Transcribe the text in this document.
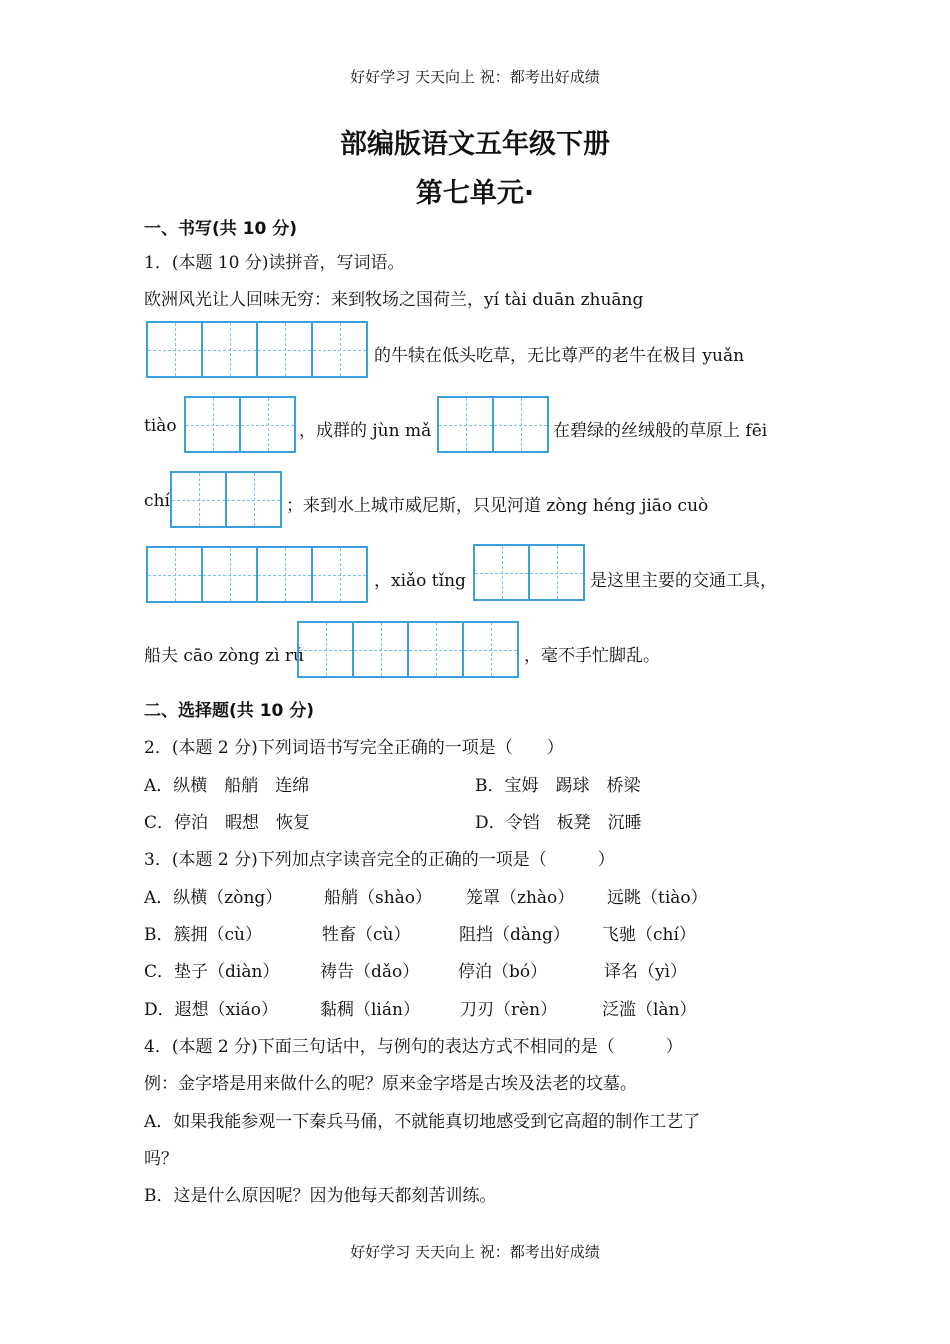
好好学习 天天向上 祝：都考出好成绩
部编版语文五年级下册
第七单元·
一、书写(共 10 分)
1．(本题 10 分)读拼音，写词语。
欧洲风光让人回味无穷：来到牧场之国荷兰，yí tài duān zhuāng
的牛犊在低头吃草，无比尊严的老牛在极目 yuǎn
tiào	，成群的 jùn mǎ	在碧绿的丝绒般的草原上 fēi
chí	；来到水上城市威尼斯，只见河道 zòng héng jiāo cuò
，xiǎo tǐng	是这里主要的交通工具，
船夫 cāo zòng zì rú	，毫不手忙脚乱。
二、选择题(共 10 分)
2．(本题 2 分)下列词语书写完全正确的一项是（　　）
A．纵横　船艄　连绵	B．宝姆　踢球　桥梁
C．停泊　暇想　恢复	D．令铛　板凳　沉睡
3．(本题 2 分)下列加点字读音完全的正确的一项是（　　　）
A．纵横（zòng） 船艄（shào） 笼罩（zhào） 远眺（tiào）
B．簇拥（cù）	牲畜（cù）	阻挡（dàng） 飞驰（chí）
C．垫子（diàn） 祷告（dǎo） 停泊（bó）	译名（yì）
D．遐想（xiáo） 黏稠（lián） 刀刃（rèn）	泛滥（làn）
4．(本题 2 分)下面三句话中，与例句的表达方式不相同的是（　　　）
例：金字塔是用来做什么的呢？原来金字塔是古埃及法老的坟墓。
A．如果我能参观一下秦兵马俑，不就能真切地感受到它高超的制作工艺了
吗？
B．这是什么原因呢？因为他每天都刻苦训练。
好好学习 天天向上 祝：都考出好成绩
